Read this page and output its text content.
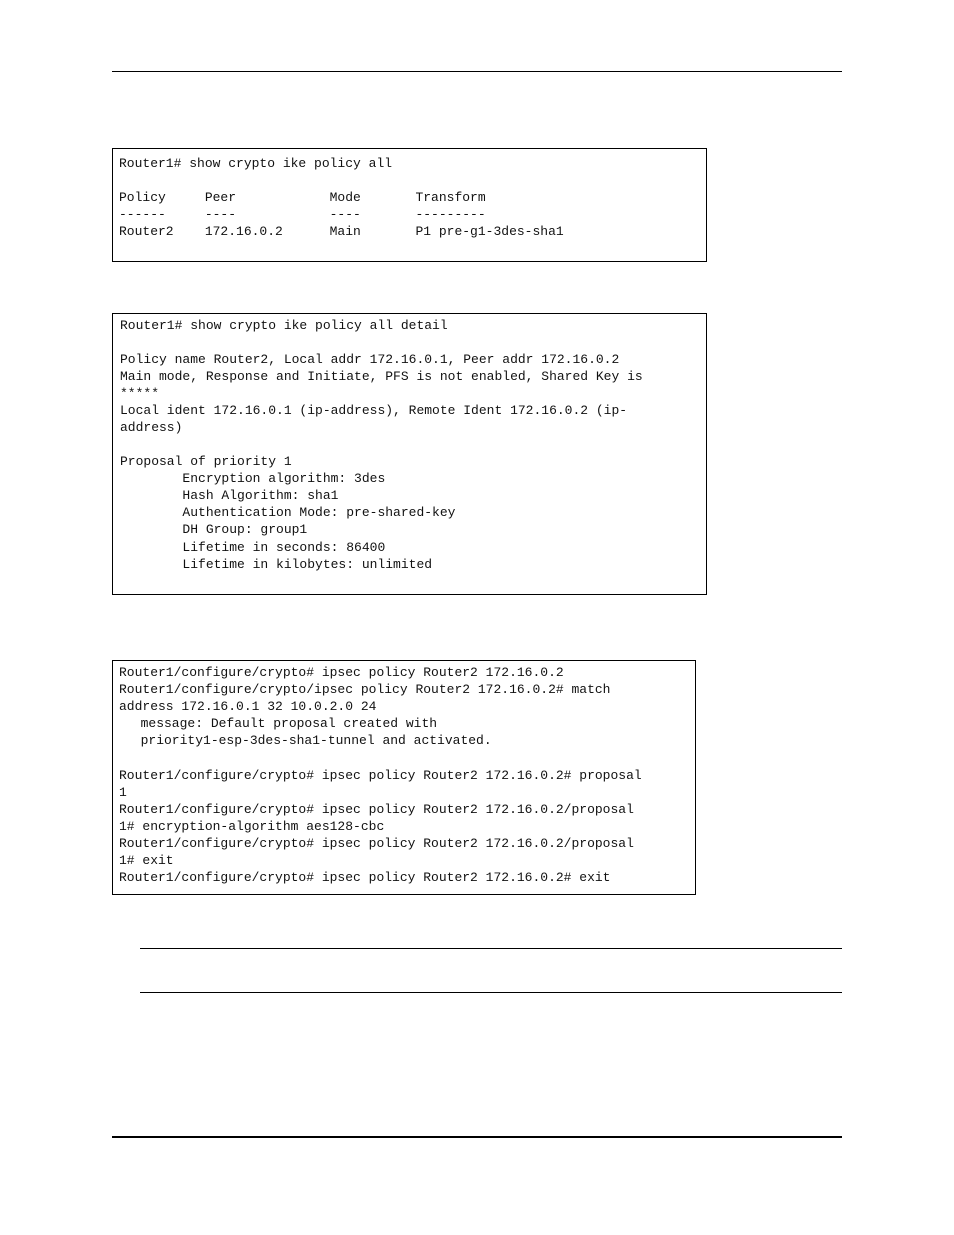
Router1# show crypto ike policy all
Policy     Peer            Mode       Transform
------     ----            ----       ---------
Router2    172.16.0.2      Main       P1 pre-g1-3des-sha1
Router1# show crypto ike policy all detail
Policy name Router2, Local addr 172.16.0.1, Peer addr 172.16.0.2
Main mode, Response and Initiate, PFS is not enabled, Shared Key is
*****
Local ident 172.16.0.1 (ip-address), Remote Ident 172.16.0.2 (ip-
address)
Proposal of priority 1
Encryption algorithm: 3des
Hash Algorithm: sha1
Authentication Mode: pre-shared-key
DH Group: group1
Lifetime in seconds: 86400
Lifetime in kilobytes: unlimited
Router1/configure/crypto# ipsec policy Router2 172.16.0.2
Router1/configure/crypto/ipsec policy Router2 172.16.0.2# match
address 172.16.0.1 32 10.0.2.0 24
message: Default proposal created with
priority1-esp-3des-sha1-tunnel and activated.
Router1/configure/crypto# ipsec policy Router2 172.16.0.2# proposal
1
Router1/configure/crypto# ipsec policy Router2 172.16.0.2/proposal
1# encryption-algorithm aes128-cbc
Router1/configure/crypto# ipsec policy Router2 172.16.0.2/proposal
1# exit
Router1/configure/crypto# ipsec policy Router2 172.16.0.2# exit
